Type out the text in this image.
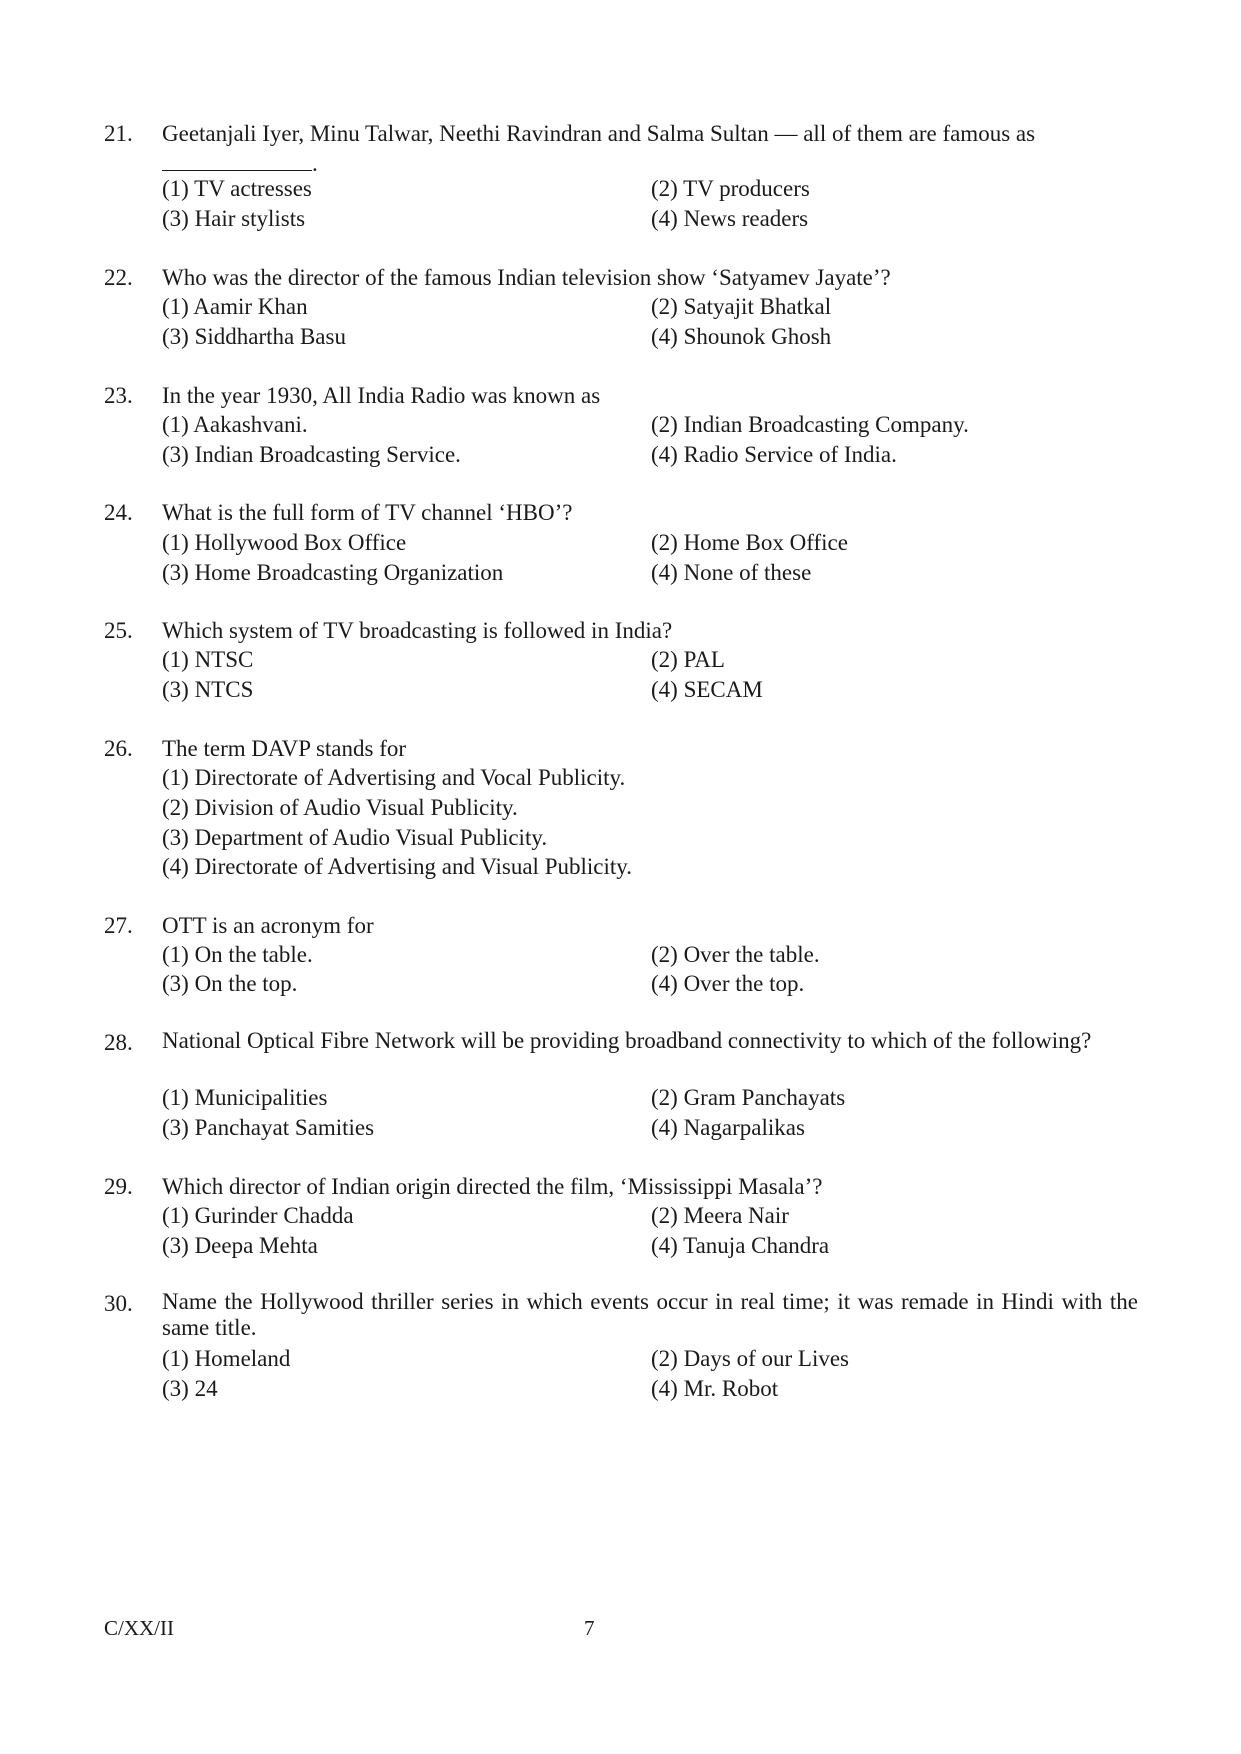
21. Geetanjali Iyer, Minu Talwar, Neethi Ravindran and Salma Sultan — all of them are famous as
.
(1) TV actresses	(2) TV producers
(3) Hair stylists	(4) News readers
22. Who was the director of the famous Indian television show ‘Satyamev Jayate’?
(1) Aamir Khan	(2) Satyajit Bhatkal
(3) Siddhartha Basu	(4) Shounok Ghosh
23. In the year 1930, All India Radio was known as
(1) Aakashvani.	(2) Indian Broadcasting Company.
(3) Indian Broadcasting Service.	(4) Radio Service of India.
24. What is the full form of TV channel ‘HBO’?
(1) Hollywood Box Office	(2) Home Box Office
(3) Home Broadcasting Organization	(4) None of these
25. Which system of TV broadcasting is followed in India?
(1) NTSC	(2) PAL
(3) NTCS	(4) SECAM
26. The term DAVP stands for
(1) Directorate of Advertising and Vocal Publicity.
(2) Division of Audio Visual Publicity.
(3) Department of Audio Visual Publicity.
(4) Directorate of Advertising and Visual Publicity.
27. OTT is an acronym for
(1) On the table.	(2) Over the table.
(3) On the top.	(4) Over the top.
28. National Optical Fibre Network will be providing broadband connectivity to which of the following?
(1) Municipalities	(2) Gram Panchayats
(3) Panchayat Samities	(4) Nagarpalikas
29. Which director of Indian origin directed the film, ‘Mississippi Masala’?
(1) Gurinder Chadda	(2) Meera Nair
(3) Deepa Mehta	(4) Tanuja Chandra
30. Name the Hollywood thriller series in which events occur in real time; it was remade in Hindi with the same title.
(1) Homeland	(2) Days of our Lives
(3) 24	(4) Mr. Robot
C/XX/II	7
